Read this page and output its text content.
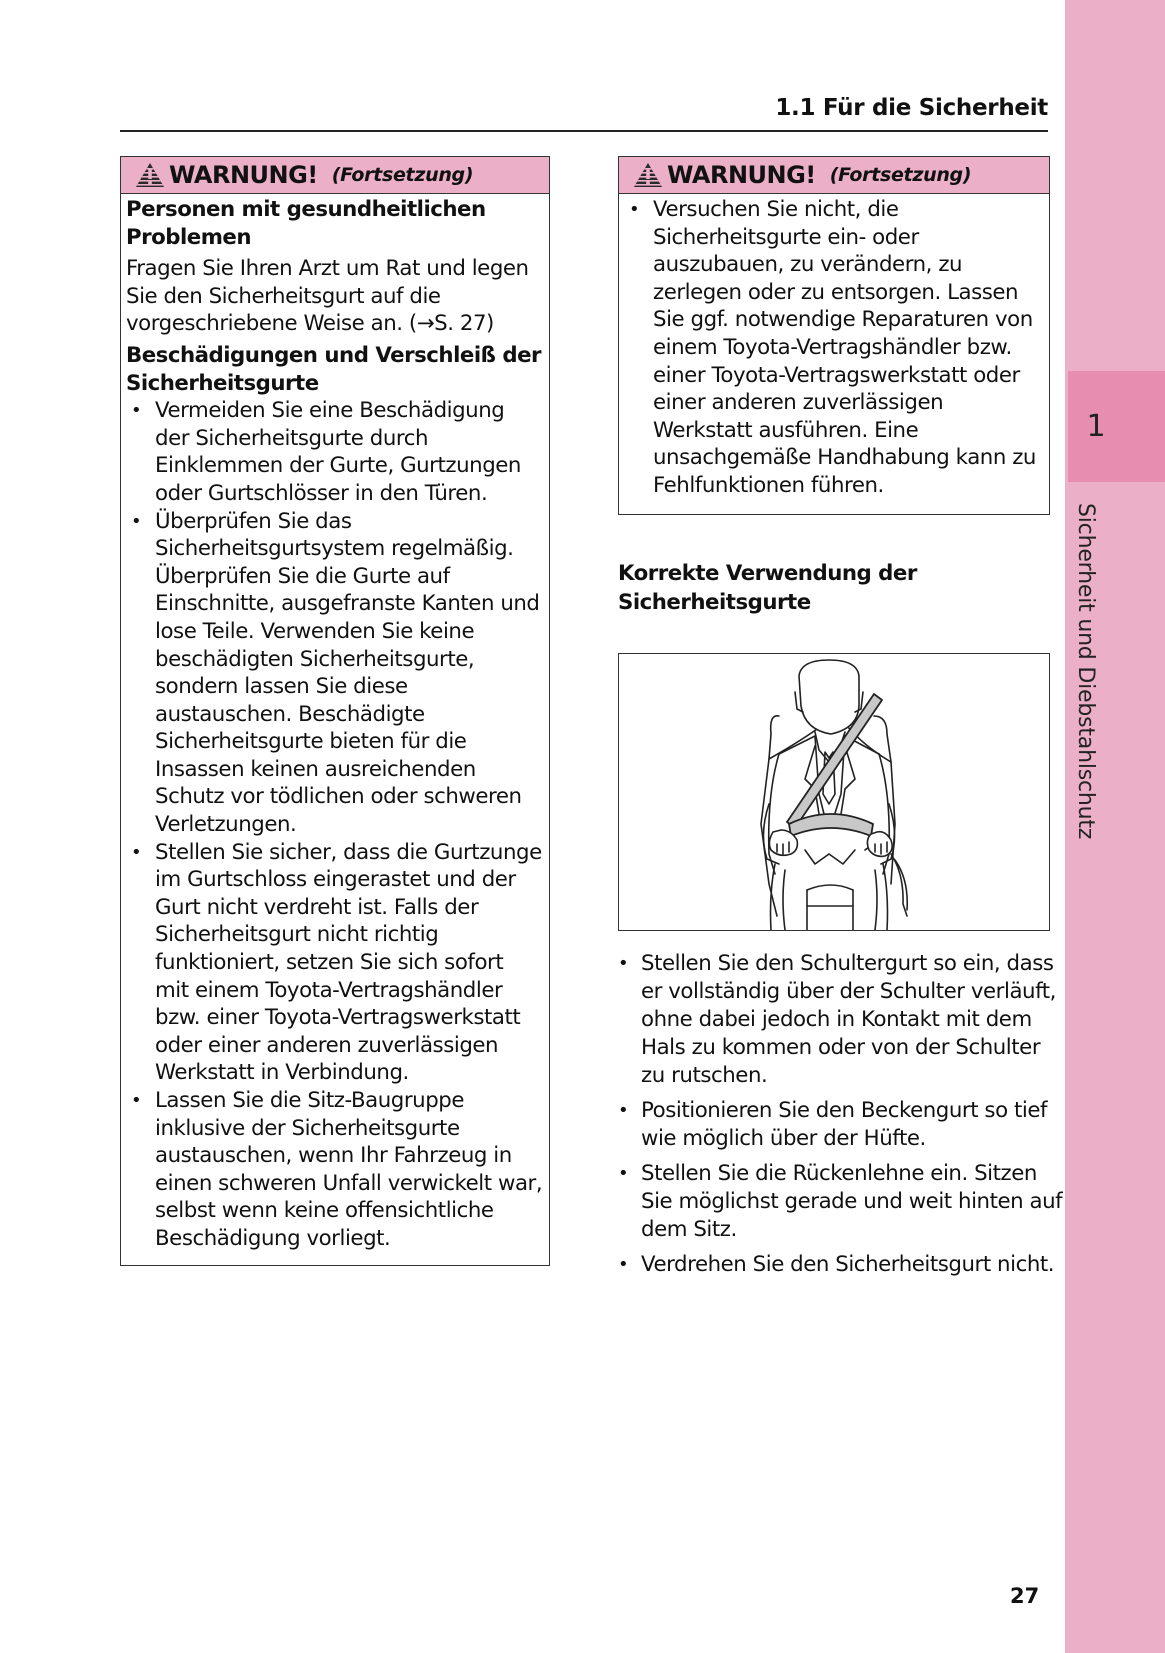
1
Sicherheit und Diebstahlschutz
1.1 Für die Sicherheit
WARNUNG! (Fortsetzung)
Personen mit gesundheitlichen Problemen
Fragen Sie Ihren Arzt um Rat und legen Sie den Sicherheitsgurt auf die vorgeschriebene Weise an. (→S. 27)
Beschädigungen und Verschleiß der Sicherheitsgurte
• Vermeiden Sie eine Beschädigung der Sicherheitsgurte durch Einklemmen der Gurte, Gurtzungen oder Gurtschlösser in den Türen.
• Überprüfen Sie das Sicherheitsgurtsystem regelmäßig. Überprüfen Sie die Gurte auf Einschnitte, ausgefranste Kanten und lose Teile. Verwenden Sie keine beschädigten Sicherheitsgurte, sondern lassen Sie diese austauschen. Beschädigte Sicherheitsgurte bieten für die Insassen keinen ausreichenden Schutz vor tödlichen oder schweren Verletzungen.
• Stellen Sie sicher, dass die Gurtzunge im Gurtschloss eingerastet und der Gurt nicht verdreht ist. Falls der Sicherheitsgurt nicht richtig funktioniert, setzen Sie sich sofort mit einem Toyota-Vertragshändler bzw. einer Toyota-Vertragswerkstatt oder einer anderen zuverlässigen Werkstatt in Verbindung.
• Lassen Sie die Sitz-Baugruppe inklusive der Sicherheitsgurte austauschen, wenn Ihr Fahrzeug in einen schweren Unfall verwickelt war, selbst wenn keine offensichtliche Beschädigung vorliegt.
WARNUNG! (Fortsetzung)
• Versuchen Sie nicht, die Sicherheitsgurte ein- oder auszubauen, zu verändern, zu zerlegen oder zu entsorgen. Lassen Sie ggf. notwendige Reparaturen von einem Toyota-Vertragshändler bzw. einer Toyota-Vertragswerkstatt oder einer anderen zuverlässigen Werkstatt ausführen. Eine unsachgemäße Handhabung kann zu Fehlfunktionen führen.
Korrekte Verwendung der Sicherheitsgurte
• Stellen Sie den Schultergurt so ein, dass er vollständig über der Schulter verläuft, ohne dabei jedoch in Kontakt mit dem Hals zu kommen oder von der Schulter zu rutschen.
• Positionieren Sie den Beckengurt so tief wie möglich über der Hüfte.
• Stellen Sie die Rückenlehne ein. Sitzen Sie möglichst gerade und weit hinten auf dem Sitz.
• Verdrehen Sie den Sicherheitsgurt nicht.
27
